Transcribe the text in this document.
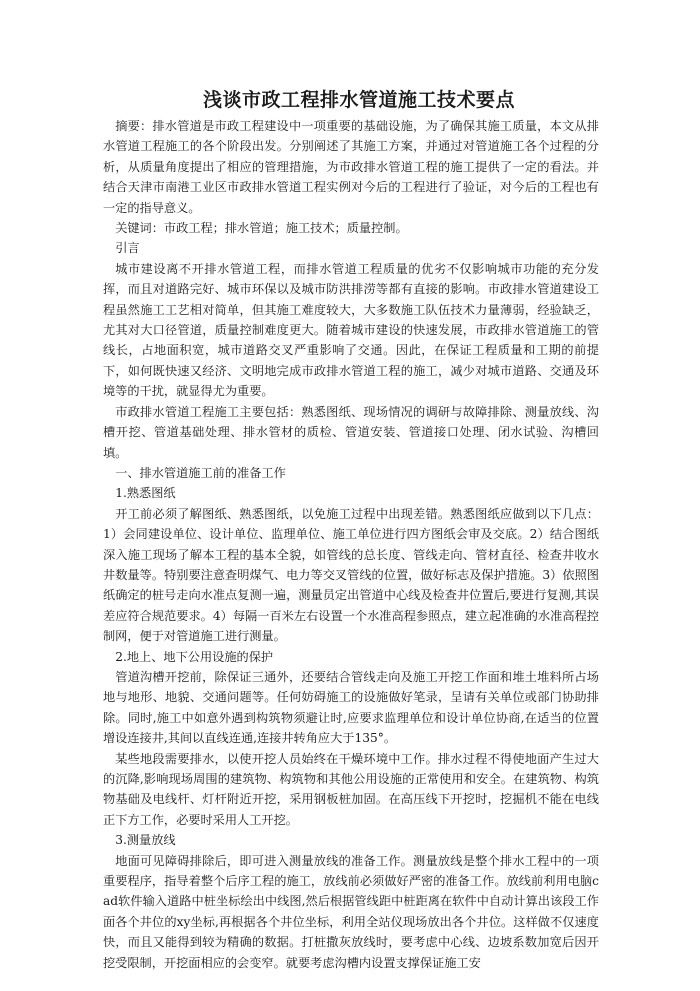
浅谈市政工程排水管道施工技术要点

摘要：排水管道是市政工程建设中一项重要的基础设施，为了确保其施工质量，本文从排水管道工程施工的各个阶段出发。分别阐述了其施工方案，并通过对管道施工各个过程的分析，从质量角度提出了相应的管理措施，为市政排水管道工程的施工提供了一定的看法。并结合天津市南港工业区市政排水管道工程实例对今后的工程进行了验证，对今后的工程也有一定的指导意义。

关键词：市政工程；排水管道；施工技术；质量控制。

引言

城市建设离不开排水管道工程，而排水管道工程质量的优劣不仅影响城市功能的充分发挥，而且对道路完好、城市环保以及城市防洪排涝等都有直接的影响。市政排水管道建设工程虽然施工工艺相对简单，但其施工难度较大，大多数施工队伍技术力量薄弱，经验缺乏，尤其对大口径管道，质量控制难度更大。随着城市建设的快速发展，市政排水管道施工的管线长，占地面积宽，城市道路交叉严重影响了交通。因此，在保证工程质量和工期的前提下，如何既快速又经济、文明地完成市政排水管道工程的施工，减少对城市道路、交通及环境等的干扰，就显得尤为重要。

市政排水管道工程施工主要包括：熟悉图纸、现场情况的调研与故障排除、测量放线、沟槽开挖、管道基础处理、排水管材的质检、管道安装、管道接口处理、闭水试验、沟槽回填。

一、排水管道施工前的准备工作

1.熟悉图纸

开工前必须了解图纸、熟悉图纸，以免施工过程中出现差错。熟悉图纸应做到以下几点：1）会同建设单位、设计单位、监理单位、施工单位进行四方图纸会审及交底。2）结合图纸深入施工现场了解本工程的基本全貌，如管线的总长度、管线走向、管材直径、检查井收水井数量等。特别要注意查明煤气、电力等交叉管线的位置，做好标志及保护措施。3）依照图纸确定的桩号走向水准点复测一遍，测量员定出管道中心线及检查井位置后,要进行复测,其误差应符合规范要求。4）每隔一百米左右设置一个水准高程参照点，建立起准确的水准高程控制网，便于对管道施工进行测量。

2.地上、地下公用设施的保护

管道沟槽开挖前，除保证三通外，还要结合管线走向及施工开挖工作面和堆土堆料所占场地与地形、地貌、交通问题等。任何妨碍施工的设施做好笔录，呈请有关单位或部门协助排除。同时,施工中如意外遇到构筑物须避让时,应要求监理单位和设计单位协商,在适当的位置增设连接井,其间以直线连通,连接井转角应大于135°。

某些地段需要排水，以使开挖人员始终在干燥环境中工作。排水过程不得使地面产生过大的沉降,影响现场周围的建筑物、构筑物和其他公用设施的正常使用和安全。在建筑物、构筑物基础及电线杆、灯杆附近开挖，采用钢板桩加固。在高压线下开挖时，挖掘机不能在电线正下方工作，必要时采用人工开挖。

3.测量放线

地面可见障碍排除后，即可进入测量放线的准备工作。测量放线是整个排水工程中的一项重要程序，指导着整个后序工程的施工，放线前必须做好严密的准备工作。放线前利用电脑cad软件输入道路中桩坐标绘出中线图,然后根据管线距中桩距离在软件中自动计算出该段工作面各个井位的xy坐标,再根据各个井位坐标，利用全站仪现场放出各个井位。这样做不仅速度快，而且又能得到较为精确的数据。打桩撒灰放线时，要考虑中心线、边坡系数加宽后因开挖受限制，开挖面相应的会变窄。就要考虑沟槽内设置支撑保证施工安
